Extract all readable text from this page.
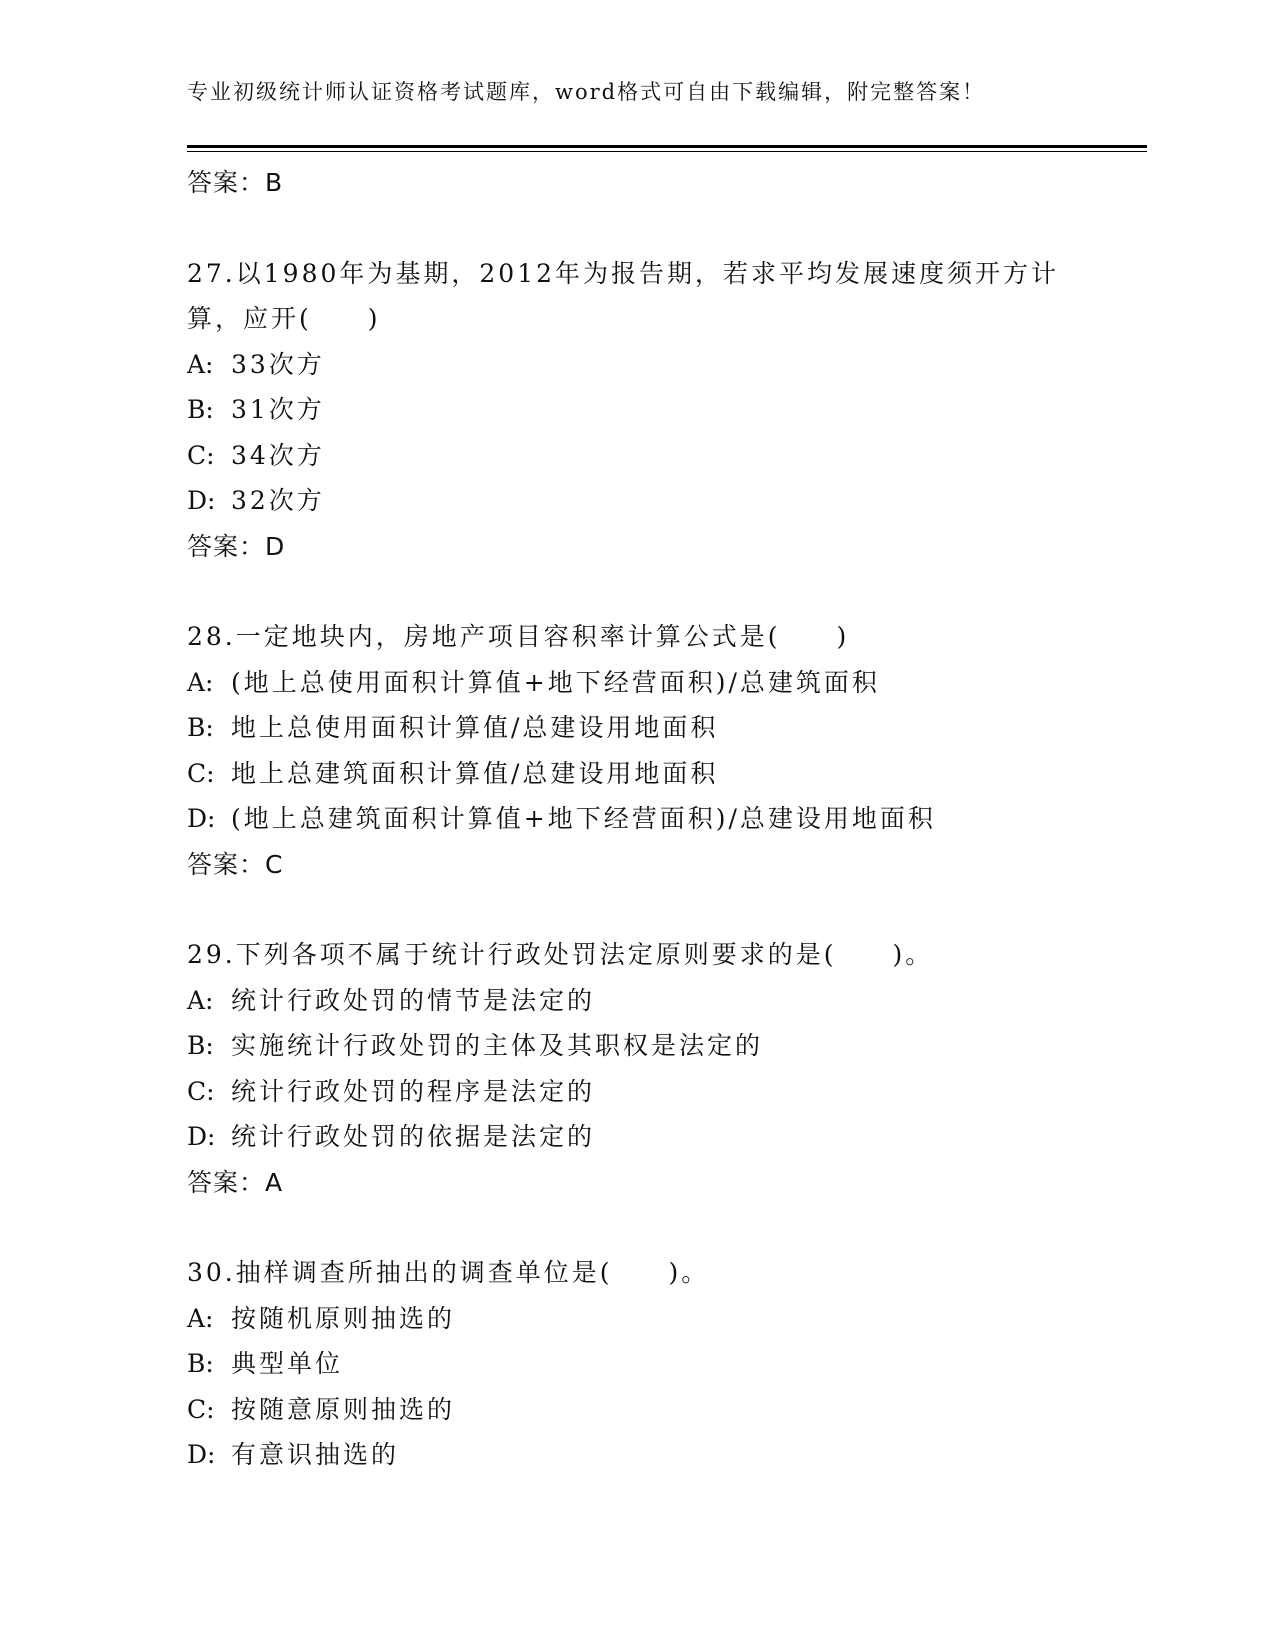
专业初级统计师认证资格考试题库，word格式可自由下载编辑，附完整答案！
答案：B
27.以1980年为基期，2012年为报告期，若求平均发展速度须开方计
算，应开(　　)
A: 33次方
B: 31次方
C: 34次方
D: 32次方
答案：D
28.一定地块内，房地产项目容积率计算公式是(　　)
A: (地上总使用面积计算值+地下经营面积)/总建筑面积
B: 地上总使用面积计算值/总建设用地面积
C: 地上总建筑面积计算值/总建设用地面积
D: (地上总建筑面积计算值+地下经营面积)/总建设用地面积
答案：C
29.下列各项不属于统计行政处罚法定原则要求的是(　　)。
A: 统计行政处罚的情节是法定的
B: 实施统计行政处罚的主体及其职权是法定的
C: 统计行政处罚的程序是法定的
D: 统计行政处罚的依据是法定的
答案：A
30.抽样调查所抽出的调查单位是(　　)。
A: 按随机原则抽选的
B: 典型单位
C: 按随意原则抽选的
D: 有意识抽选的
